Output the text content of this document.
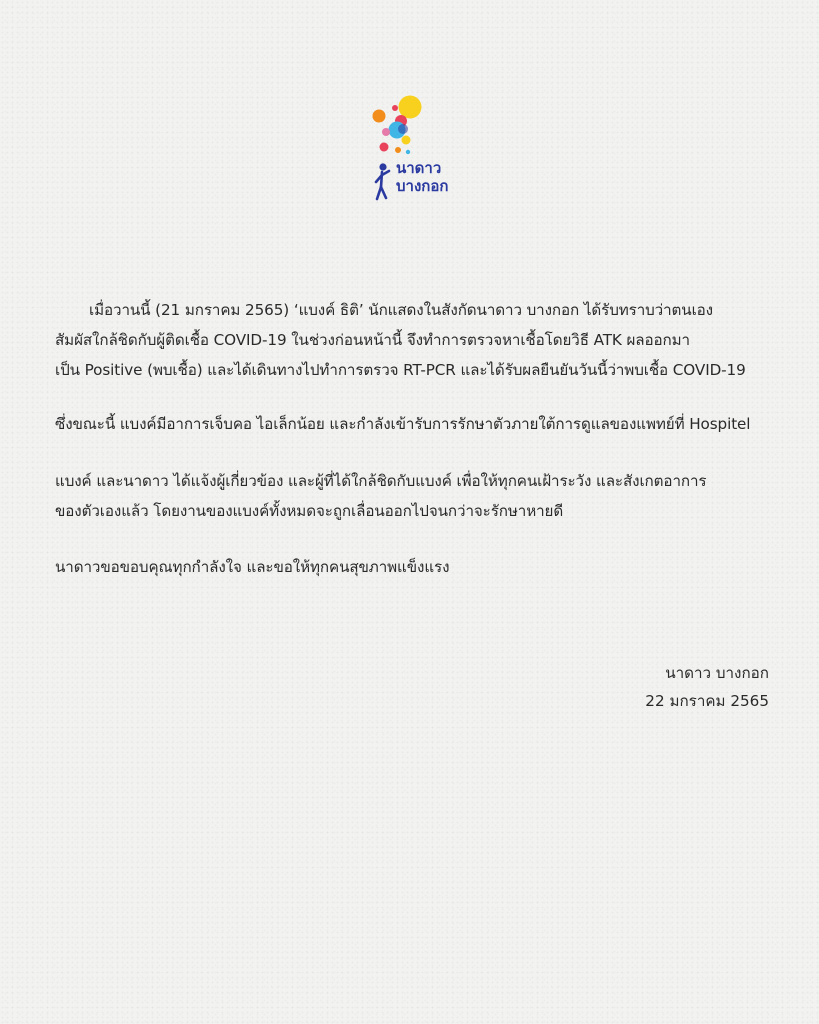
นาดาว
บางกอก

เมื่อวานนี้ (21 มกราคม 2565) ‘แบงค์ ธิติ’ นักแสดงในสังกัดนาดาว บางกอก ได้รับทราบว่าตนเอง

สัมผัสใกล้ชิดกับผู้ติดเชื้อ COVID-19 ในช่วงก่อนหน้านี้ จึงทำการตรวจหาเชื้อโดยวิธี ATK ผลออกมา

เป็น Positive (พบเชื้อ) และได้เดินทางไปทำการตรวจ RT-PCR และได้รับผลยืนยันวันนี้ว่าพบเชื้อ COVID-19

ซึ่งขณะนี้ แบงค์มีอาการเจ็บคอ ไอเล็กน้อย และกำลังเข้ารับการรักษาตัวภายใต้การดูแลของแพทย์ที่ Hospitel

แบงค์ และนาดาว ได้แจ้งผู้เกี่ยวข้อง และผู้ที่ได้ใกล้ชิดกับแบงค์ เพื่อให้ทุกคนเฝ้าระวัง และสังเกตอาการ

ของตัวเองแล้ว โดยงานของแบงค์ทั้งหมดจะถูกเลื่อนออกไปจนกว่าจะรักษาหายดี

นาดาวขอขอบคุณทุกกำลังใจ และขอให้ทุกคนสุขภาพแข็งแรง

นาดาว บางกอก
22 มกราคม 2565
